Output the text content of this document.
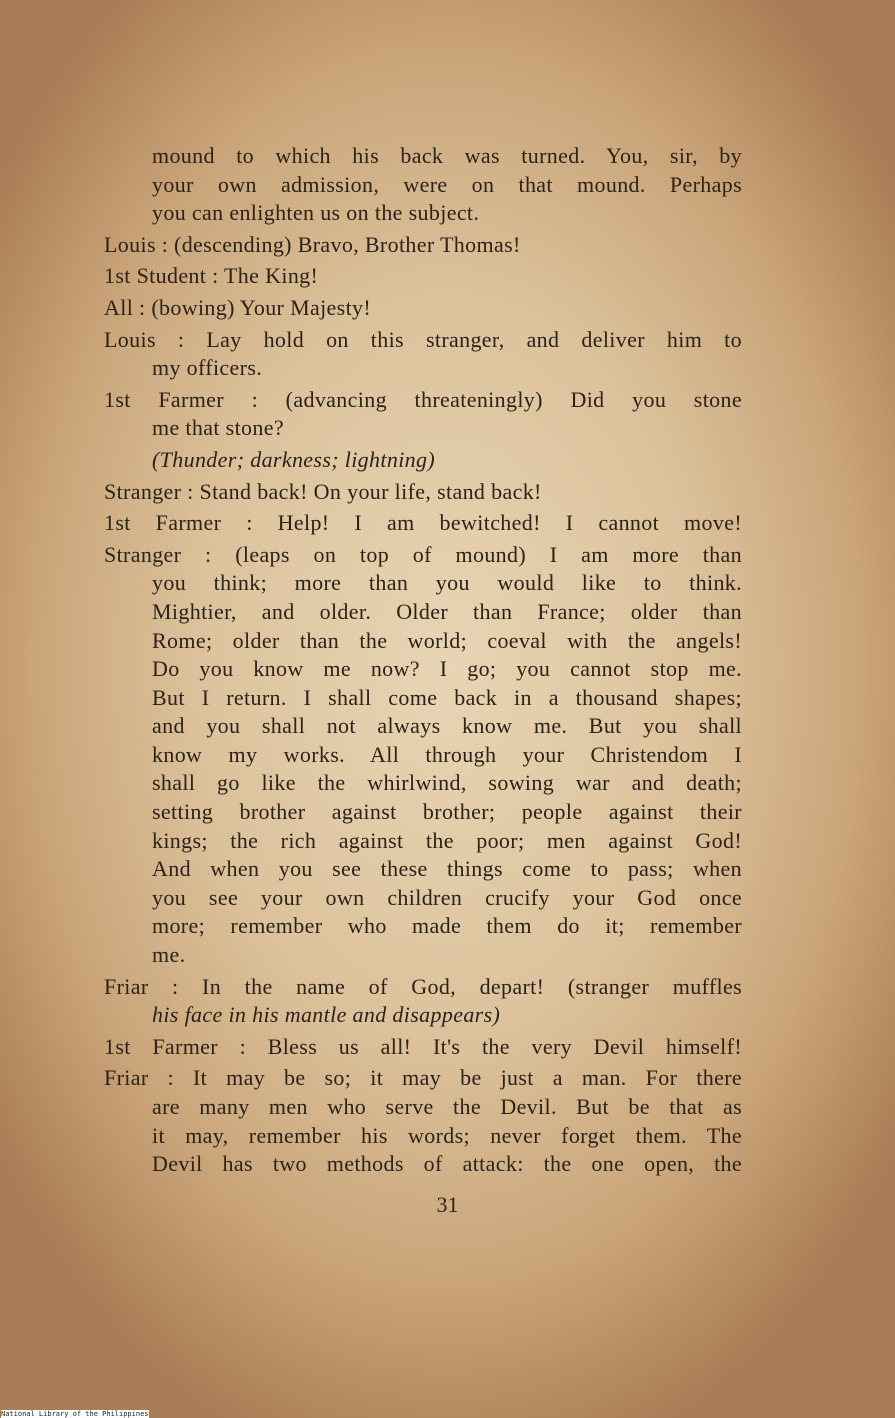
mound to which his back was turned. You, sir, by
your own admission, were on that mound. Perhaps
you can enlighten us on the subject.
Louis : (descending) Bravo, Brother Thomas!
1st Student : The King!
All : (bowing) Your Majesty!
Louis : Lay hold on this stranger, and deliver him to
my officers.
1st Farmer : (advancing threateningly) Did you stone
me that stone?
(Thunder; darkness; lightning)
Stranger : Stand back! On your life, stand back!
1st Farmer : Help! I am bewitched! I cannot move!
Stranger : (leaps on top of mound) I am more than
you think; more than you would like to think.
Mightier, and older. Older than France; older than
Rome; older than the world; coeval with the angels!
Do you know me now? I go; you cannot stop me.
But I return. I shall come back in a thousand shapes;
and you shall not always know me. But you shall
know my works. All through your Christendom I
shall go like the whirlwind, sowing war and death;
setting brother against brother; people against their
kings; the rich against the poor; men against God!
And when you see these things come to pass; when
you see your own children crucify your God once
more; remember who made them do it; remember
me.
Friar : In the name of God, depart! (stranger muffles
his face in his mantle and disappears)
1st Farmer : Bless us all! It's the very Devil himself!
Friar : It may be so; it may be just a man. For there
are many men who serve the Devil. But be that as
it may, remember his words; never forget them. The
Devil has two methods of attack: the one open, the
31
National Library of the Philippines
